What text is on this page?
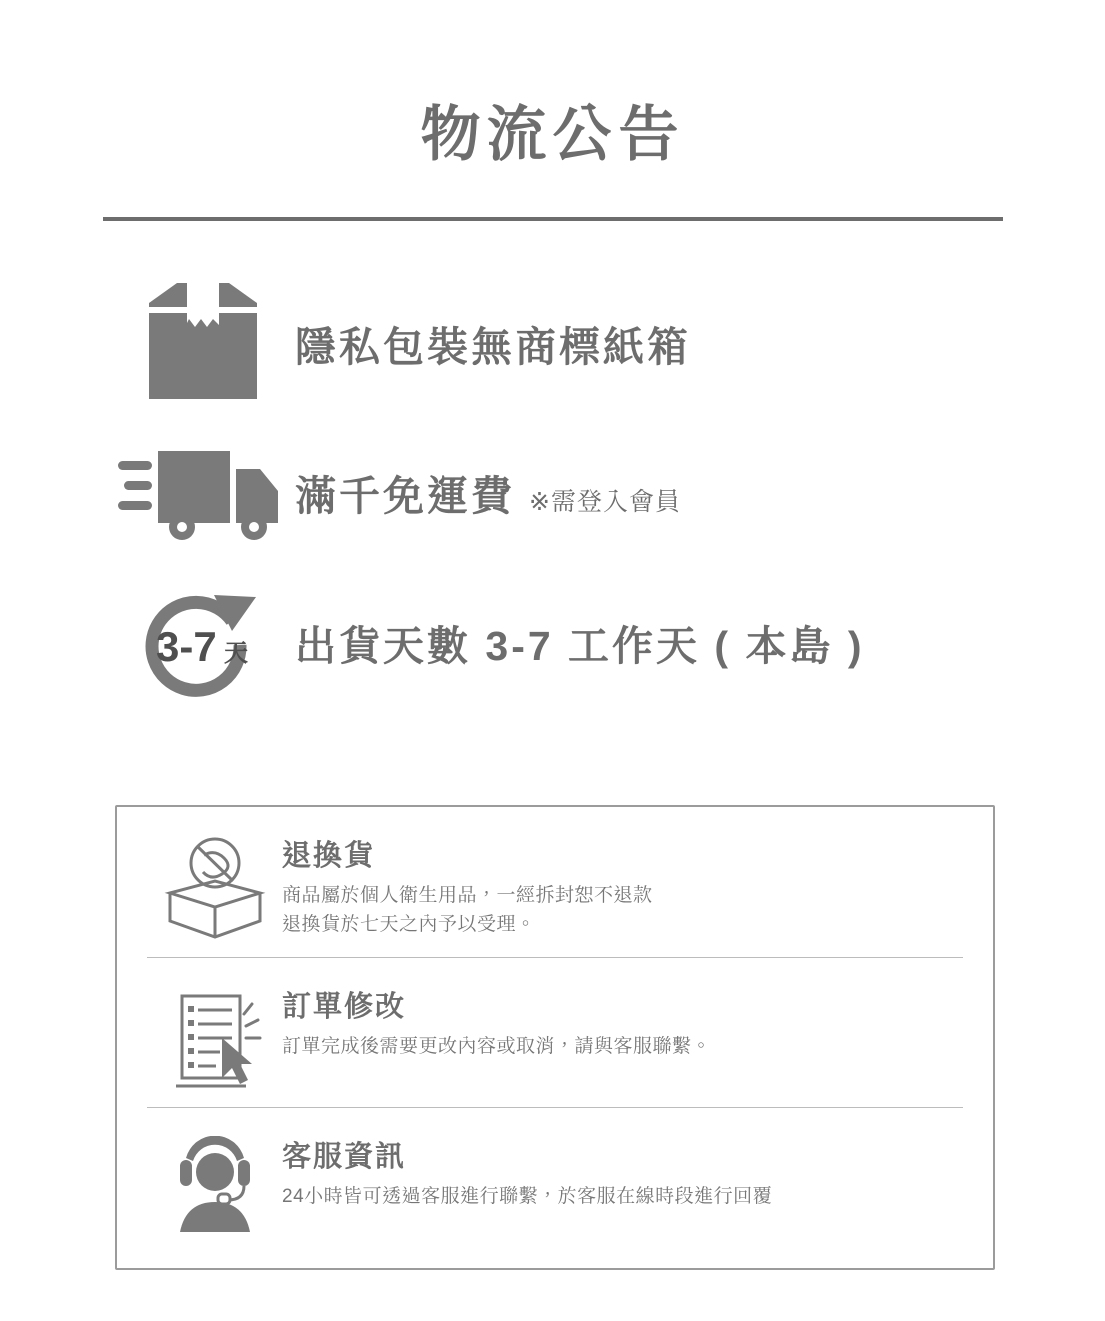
物流公告
隱私包裝無商標紙箱
滿千免運費 ※需登入會員
3-7 天 出貨天數 3-7 工作天 ( 本島 )
退換貨
商品屬於個人衛生用品，一經拆封恕不退款
退換貨於七天之內予以受理。
訂單修改
訂單完成後需要更改內容或取消，請與客服聯繫。
客服資訊
24小時皆可透過客服進行聯繫，於客服在線時段進行回覆
